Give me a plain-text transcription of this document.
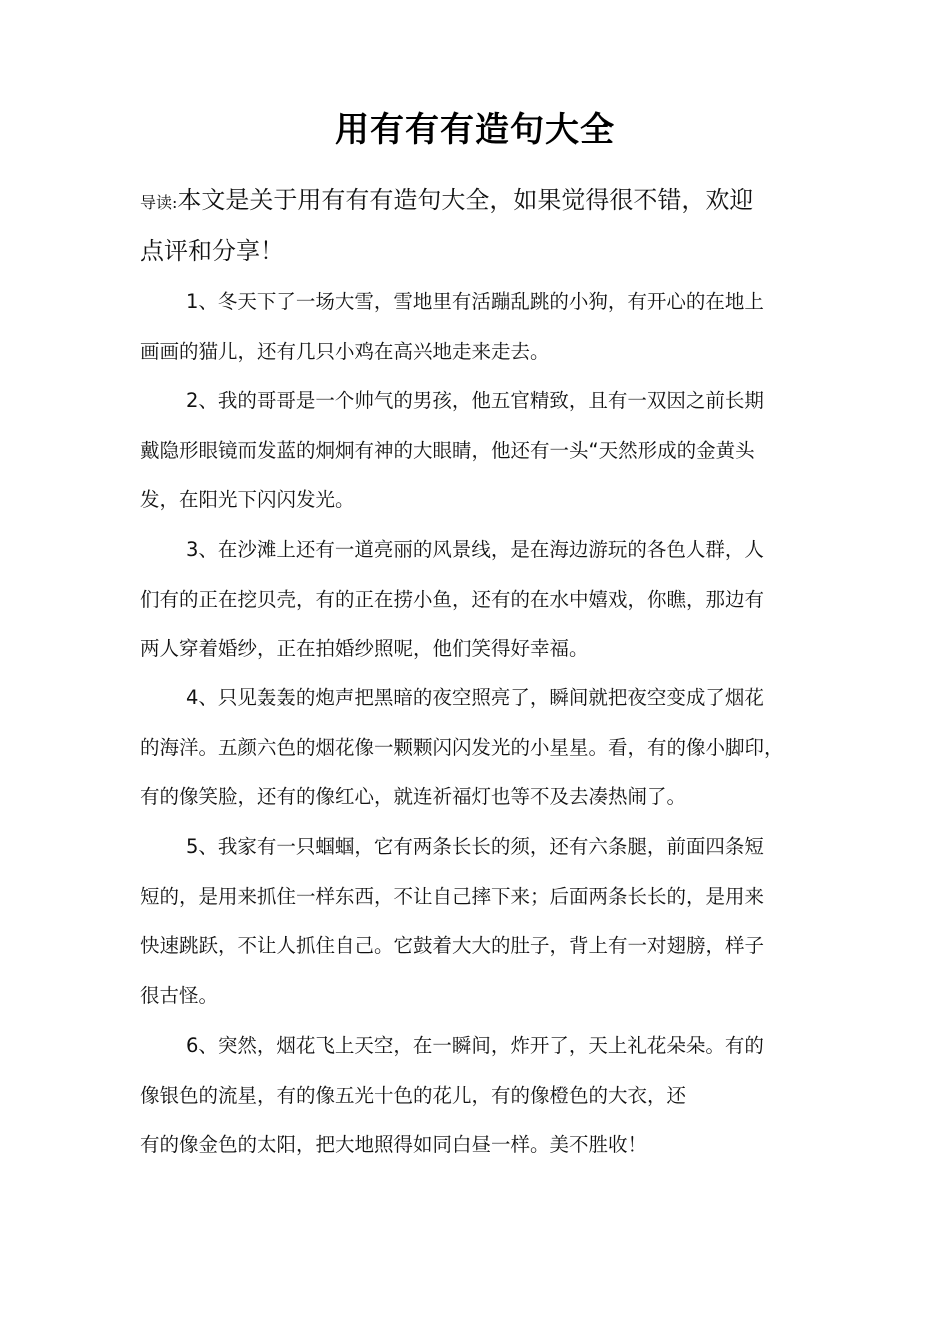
用有有有造句大全
导读:本文是关于用有有有造句大全，如果觉得很不错，欢迎
点评和分享！
1、冬天下了一场大雪，雪地里有活蹦乱跳的小狗，有开心的在地上
画画的猫儿，还有几只小鸡在高兴地走来走去。
2、我的哥哥是一个帅气的男孩，他五官精致，且有一双因之前长期
戴隐形眼镜而发蓝的炯炯有神的大眼睛，他还有一头“天然形成的金黄头
发，在阳光下闪闪发光。
3、在沙滩上还有一道亮丽的风景线，是在海边游玩的各色人群，人
们有的正在挖贝壳，有的正在捞小鱼，还有的在水中嬉戏，你瞧，那边有
两人穿着婚纱，正在拍婚纱照呢，他们笑得好幸福。
4、只见轰轰的炮声把黑暗的夜空照亮了，瞬间就把夜空变成了烟花
的海洋。五颜六色的烟花像一颗颗闪闪发光的小星星。看，有的像小脚印，
有的像笑脸，还有的像红心，就连祈福灯也等不及去凑热闹了。
5、我家有一只蝈蝈，它有两条长长的须，还有六条腿，前面四条短
短的，是用来抓住一样东西，不让自己摔下来；后面两条长长的，是用来
快速跳跃，不让人抓住自己。它鼓着大大的肚子，背上有一对翅膀，样子
很古怪。
6、突然，烟花飞上天空，在一瞬间，炸开了，天上礼花朵朵。有的
像银色的流星，有的像五光十色的花儿，有的像橙色的大衣，还
有的像金色的太阳，把大地照得如同白昼一样。美不胜收！
